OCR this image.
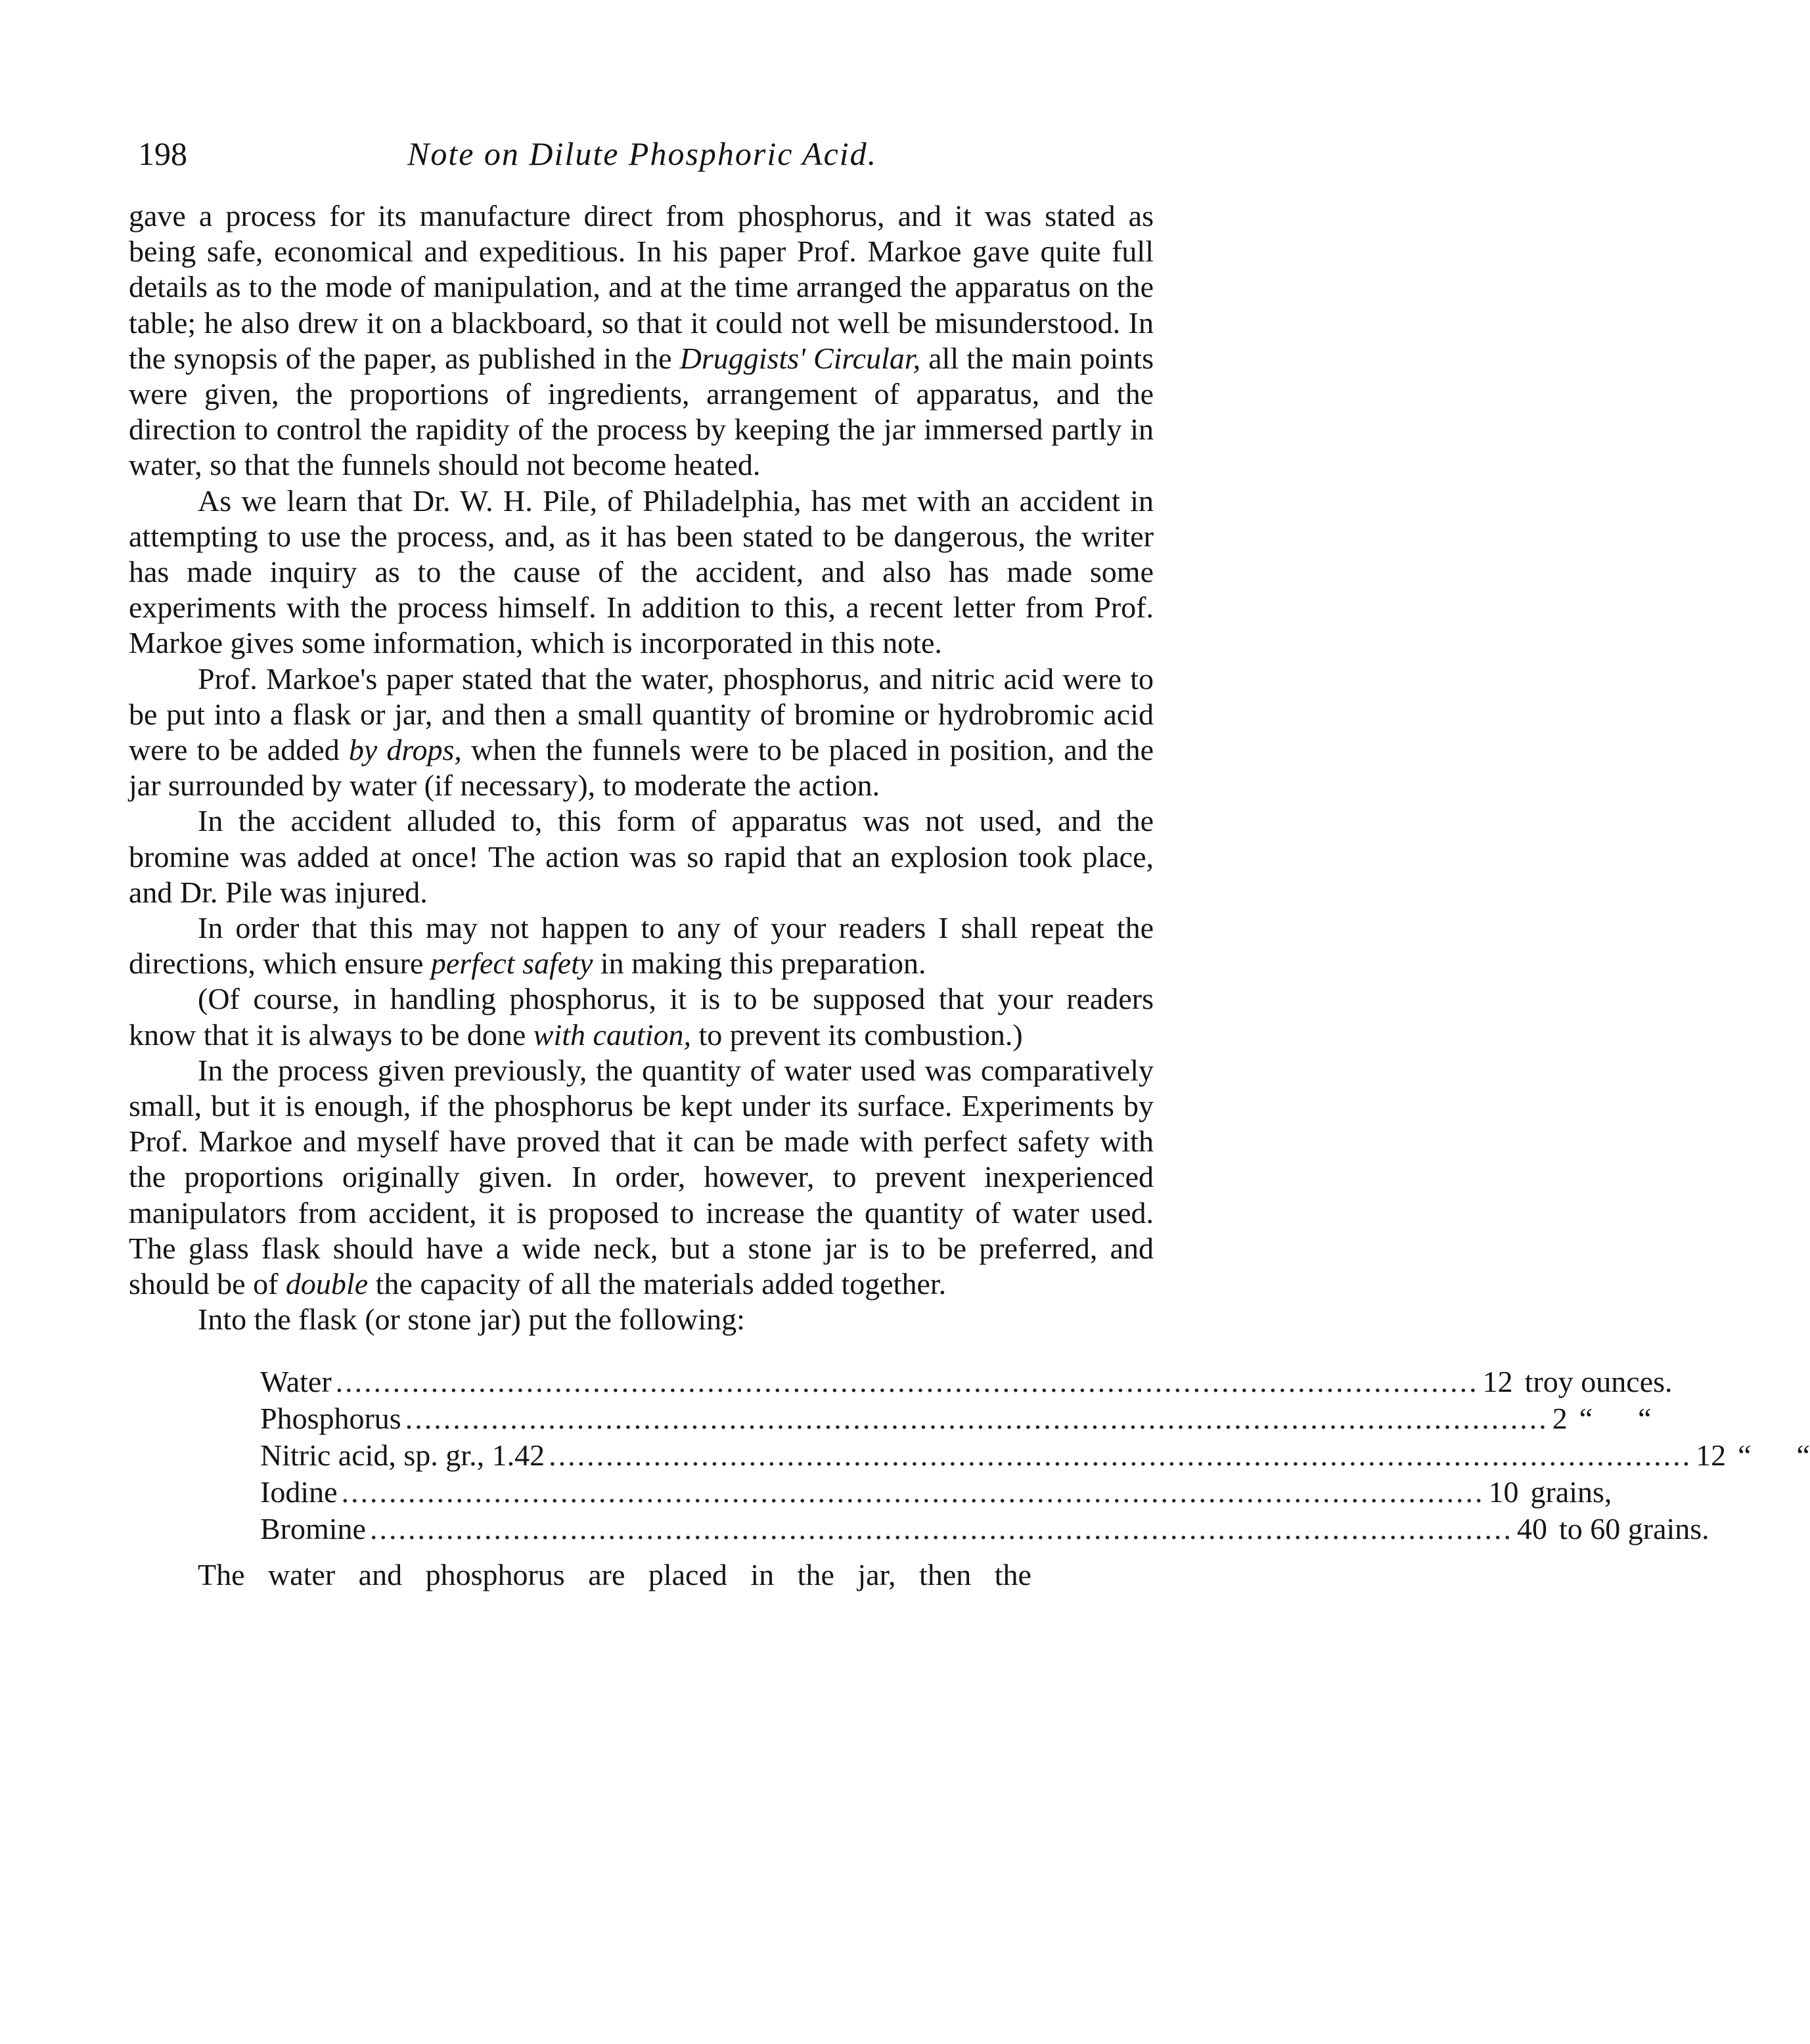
198	Note on Dilute Phosphoric Acid.

gave a process for its manufacture direct from phosphorus, and it was stated as being safe, economical and expeditious. In his paper Prof. Markoe gave quite full details as to the mode of manipulation, and at the time arranged the apparatus on the table; he also drew it on a blackboard, so that it could not well be misunderstood. In the synopsis of the paper, as published in the Druggists' Circular, all the main points were given, the proportions of ingredients, arrangement of apparatus, and the direction to control the rapidity of the process by keeping the jar immersed partly in water, so that the funnels should not become heated.

As we learn that Dr. W. H. Pile, of Philadelphia, has met with an accident in attempting to use the process, and, as it has been stated to be dangerous, the writer has made inquiry as to the cause of the accident, and also has made some experiments with the process himself. In addition to this, a recent letter from Prof. Markoe gives some information, which is incorporated in this note.

Prof. Markoe's paper stated that the water, phosphorus, and nitric acid were to be put into a flask or jar, and then a small quantity of bromine or hydrobromic acid were to be added by drops, when the funnels were to be placed in position, and the jar surrounded by water (if necessary), to moderate the action.

In the accident alluded to, this form of apparatus was not used, and the bromine was added at once! The action was so rapid that an explosion took place, and Dr. Pile was injured.

In order that this may not happen to any of your readers I shall repeat the directions, which ensure perfect safety in making this preparation.

(Of course, in handling phosphorus, it is to be supposed that your readers know that it is always to be done with caution, to prevent its combustion.)

In the process given previously, the quantity of water used was comparatively small, but it is enough, if the phosphorus be kept under its surface. Experiments by Prof. Markoe and myself have proved that it can be made with perfect safety with the proportions originally given. In order, however, to prevent inexperienced manipulators from accident, it is proposed to increase the quantity of water used. The glass flask should have a wide neck, but a stone jar is to be preferred, and should be of double the capacity of all the materials added together.

Into the flask (or stone jar) put the following:

Water ........................................................................................................................ 12 troy ounces.
Phosphorus ........................................................................................................................ 2 “      “
Nitric acid, sp. gr., 1.42 ........................................................................................................................ 12 “      “
Iodine ........................................................................................................................ 10 grains,
Bromine ........................................................................................................................ 40 to 60 grains.

The water and phosphorus are placed in the jar, then the
